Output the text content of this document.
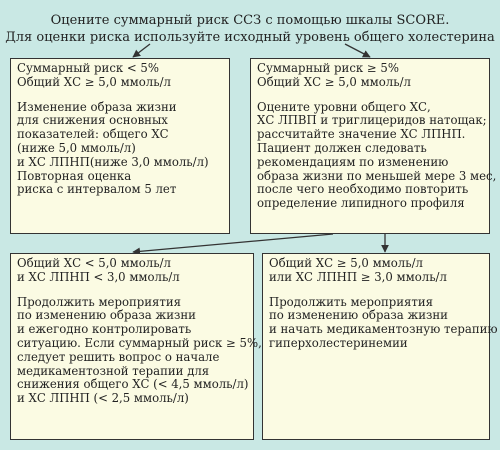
Оцените суммарный риск ССЗ с помощью шкалы SCORE.
Для оценки риска используйте исходный уровень общего холестерина
Суммарный риск < 5%
Общий ХС ≥ 5,0 ммоль/л
Изменение образа жизни
для снижения основных
показателей: общего ХС
(ниже 5,0 ммоль/л)
и ХС ЛПНП(ниже 3,0 ммоль/л)
Повторная оценка
риска с интервалом 5 лет
Суммарный риск ≥ 5%
Общий ХС ≥ 5,0 ммоль/л
Оцените уровни общего ХС,
ХС ЛПВП и триглицеридов натощак;
рассчитайте значение ХС ЛПНП.
Пациент должен следовать
рекомендациям по изменению
образа жизни по меньшей мере 3 мес,
после чего необходимо повторить
определение липидного профиля
Общий ХС < 5,0 ммоль/л
и ХС ЛПНП < 3,0 ммоль/л
Продолжить мероприятия
по изменению образа жизни
и ежегодно контролировать
ситуацию. Если суммарный риск ≥ 5%,
следует решить вопрос о начале
медикаментозной терапии для
снижения общего ХС (< 4,5 ммоль/л)
и ХС ЛПНП (< 2,5 ммоль/л)
Общий ХС ≥ 5,0 ммоль/л
или ХС ЛПНП ≥ 3,0 ммоль/л
Продолжить мероприятия
по изменению образа жизни
и начать медикаментозную терапию
гиперхолестеринемии
